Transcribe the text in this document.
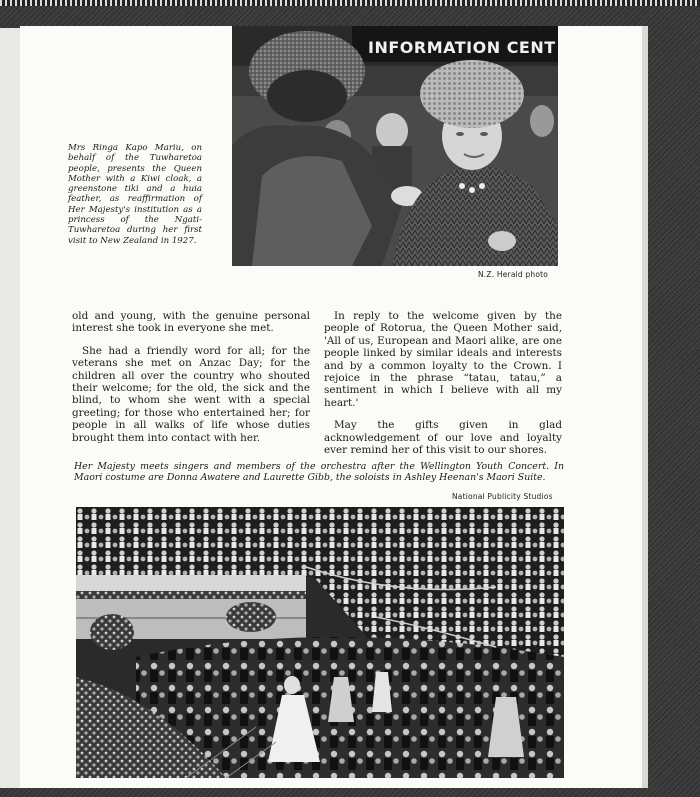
INFORMATION CENT
Mrs Ringa Kapo Mariu, on behalf of the Tuwharetoa people, presents the Queen Mother with a Kiwi cloak, a greenstone tiki and a huia feather, as reaffirmation of Her Majesty's institution as a princess of the Ngati-Tuwharetoa during her first visit to New Zealand in 1927.
N.Z. Herald photo

old and young, with the genuine personal interest she took in everyone she met.

She had a friendly word for all; for the veterans she met on Anzac Day; for the children all over the country who shouted their welcome; for the old, the sick and the blind, to whom she went with a special greeting; for those who entertained her; for people in all walks of life whose duties brought them into contact with her.

In reply to the welcome given by the people of Rotorua, the Queen Mother said, 'All of us, European and Maori alike, are one people linked by similar ideals and interests and by a common loyalty to the Crown. I rejoice in the phrase “tatau, tatau,” a sentiment in which I believe with all my heart.'

May the gifts given in glad acknowledgement of our love and loyalty ever remind her of this visit to our shores.

Her Majesty meets singers and members of the orchestra after the Wellington Youth Concert. In Maori costume are Donna Awatere and Laurette Gibb, the soloists in Ashley Heenan's Maori Suite.
National Publicity Studios
